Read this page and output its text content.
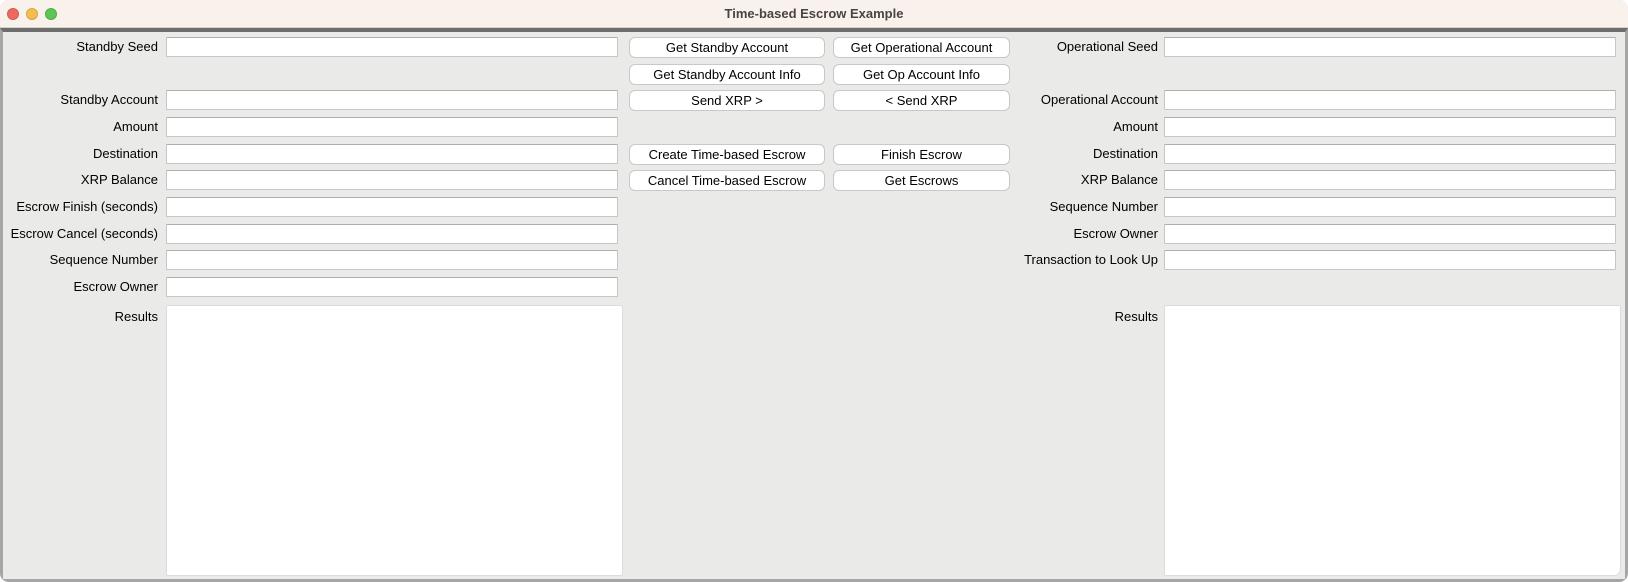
Time-based Escrow Example
Standby Seed
Standby Account
Amount
Destination
XRP Balance
Escrow Finish (seconds)
Escrow Cancel (seconds)
Sequence Number
Escrow Owner
Results
Get Standby Account
Get Standby Account Info
Send XRP >
Create Time-based Escrow
Cancel Time-based Escrow
Get Operational Account
Get Op Account Info
< Send XRP
Finish Escrow
Get Escrows
Operational Seed
Operational Account
Amount
Destination
XRP Balance
Sequence Number
Escrow Owner
Transaction to Look Up
Results
